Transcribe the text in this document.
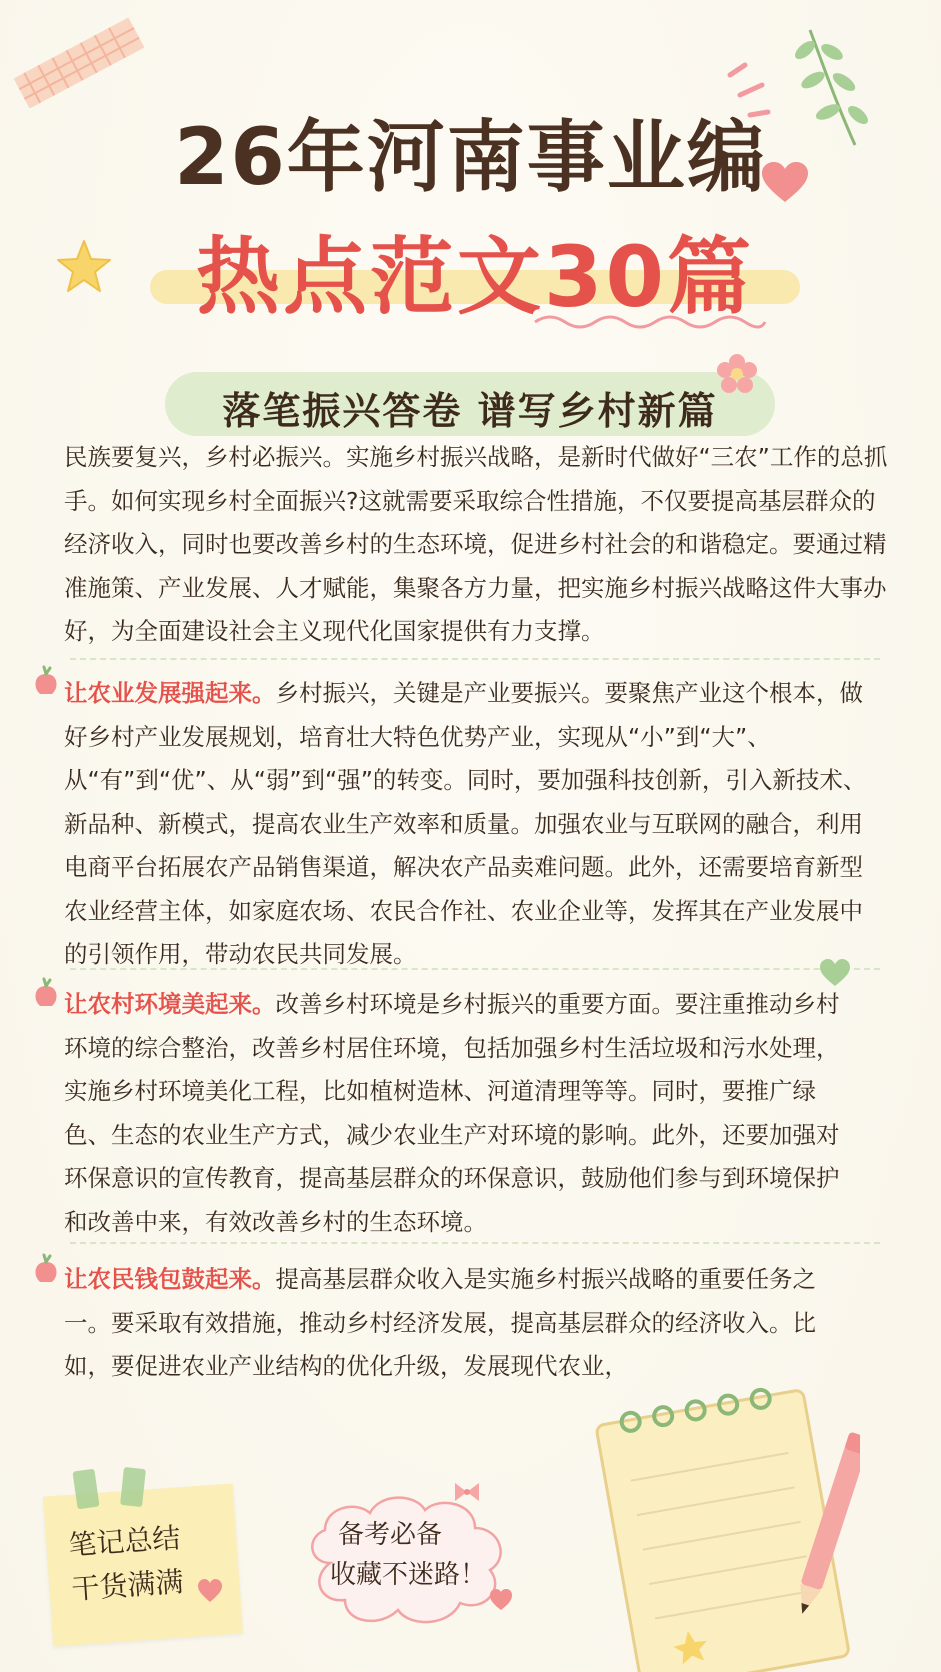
26年河南事业编
热点范文30篇
落笔振兴答卷 谱写乡村新篇
民族要复兴，乡村必振兴。实施乡村振兴战略，是新时代做好“三农”工作的总抓手。如何实现乡村全面振兴?这就需要采取综合性措施，不仅要提高基层群众的经济收入，同时也要改善乡村的生态环境，促进乡村社会的和谐稳定。要通过精准施策、产业发展、人才赋能，集聚各方力量，把实施乡村振兴战略这件大事办好，为全面建设社会主义现代化国家提供有力支撑。
让农业发展强起来。乡村振兴，关键是产业要振兴。要聚焦产业这个根本，做好乡村产业发展规划，培育壮大特色优势产业，实现从“小”到“大”、从“有”到“优”、从“弱”到“强”的转变。同时，要加强科技创新，引入新技术、新品种、新模式，提高农业生产效率和质量。加强农业与互联网的融合，利用电商平台拓展农产品销售渠道，解决农产品卖难问题。此外，还需要培育新型农业经营主体，如家庭农场、农民合作社、农业企业等，发挥其在产业发展中的引领作用，带动农民共同发展。
让农村环境美起来。改善乡村环境是乡村振兴的重要方面。要注重推动乡村环境的综合整治，改善乡村居住环境，包括加强乡村生活垃圾和污水处理，实施乡村环境美化工程，比如植树造林、河道清理等等。同时，要推广绿色、生态的农业生产方式，减少农业生产对环境的影响。此外，还要加强对环保意识的宣传教育，提高基层群众的环保意识，鼓励他们参与到环境保护和改善中来，有效改善乡村的生态环境。
让农民钱包鼓起来。提高基层群众收入是实施乡村振兴战略的重要任务之一。要采取有效措施，推动乡村经济发展，提高基层群众的经济收入。比如，要促进农业产业结构的优化升级，发展现代农业，
笔记总结
干货满满
备考必备
收藏不迷路！
